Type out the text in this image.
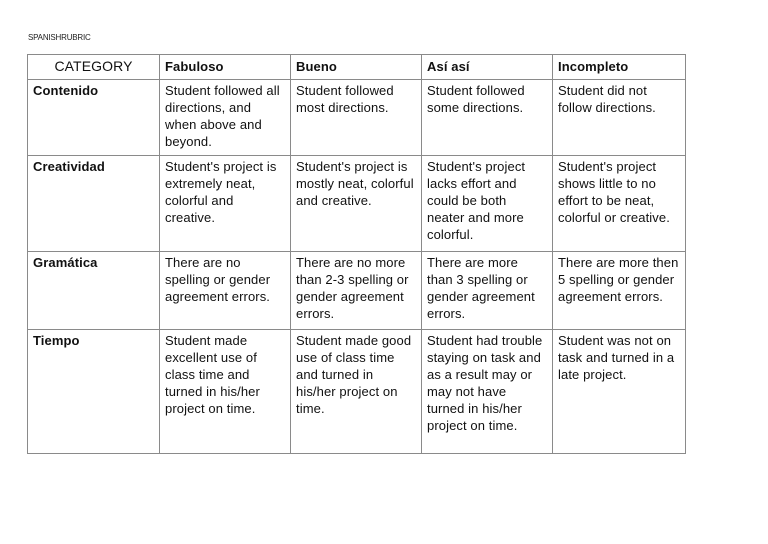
SPANISHRUBRIC
CATEGORY	Fabuloso	Bueno	Así así	Incompleto
Contenido	Student followed all directions, and when above and beyond.	Student followed most directions.	Student followed some directions.	Student did not follow directions.
Creatividad	Student's project is extremely neat, colorful and creative.	Student's project is mostly neat, colorful and creative.	Student's project lacks effort and could be both neater and more colorful.	Student's project shows little to no effort to be neat, colorful or creative.
Gramática	There are no spelling or gender agreement errors.	There are no more than 2-3 spelling or gender agreement errors.	There are more than 3 spelling or gender agreement errors.	There are more then 5 spelling or gender agreement errors.
Tiempo	Student made excellent use of class time and turned in his/her project on time.	Student made good use of class time and turned in his/her project on time.	Student had trouble staying on task and as a result may or may not have turned in his/her project on time.	Student was not on task and turned in a late project.
